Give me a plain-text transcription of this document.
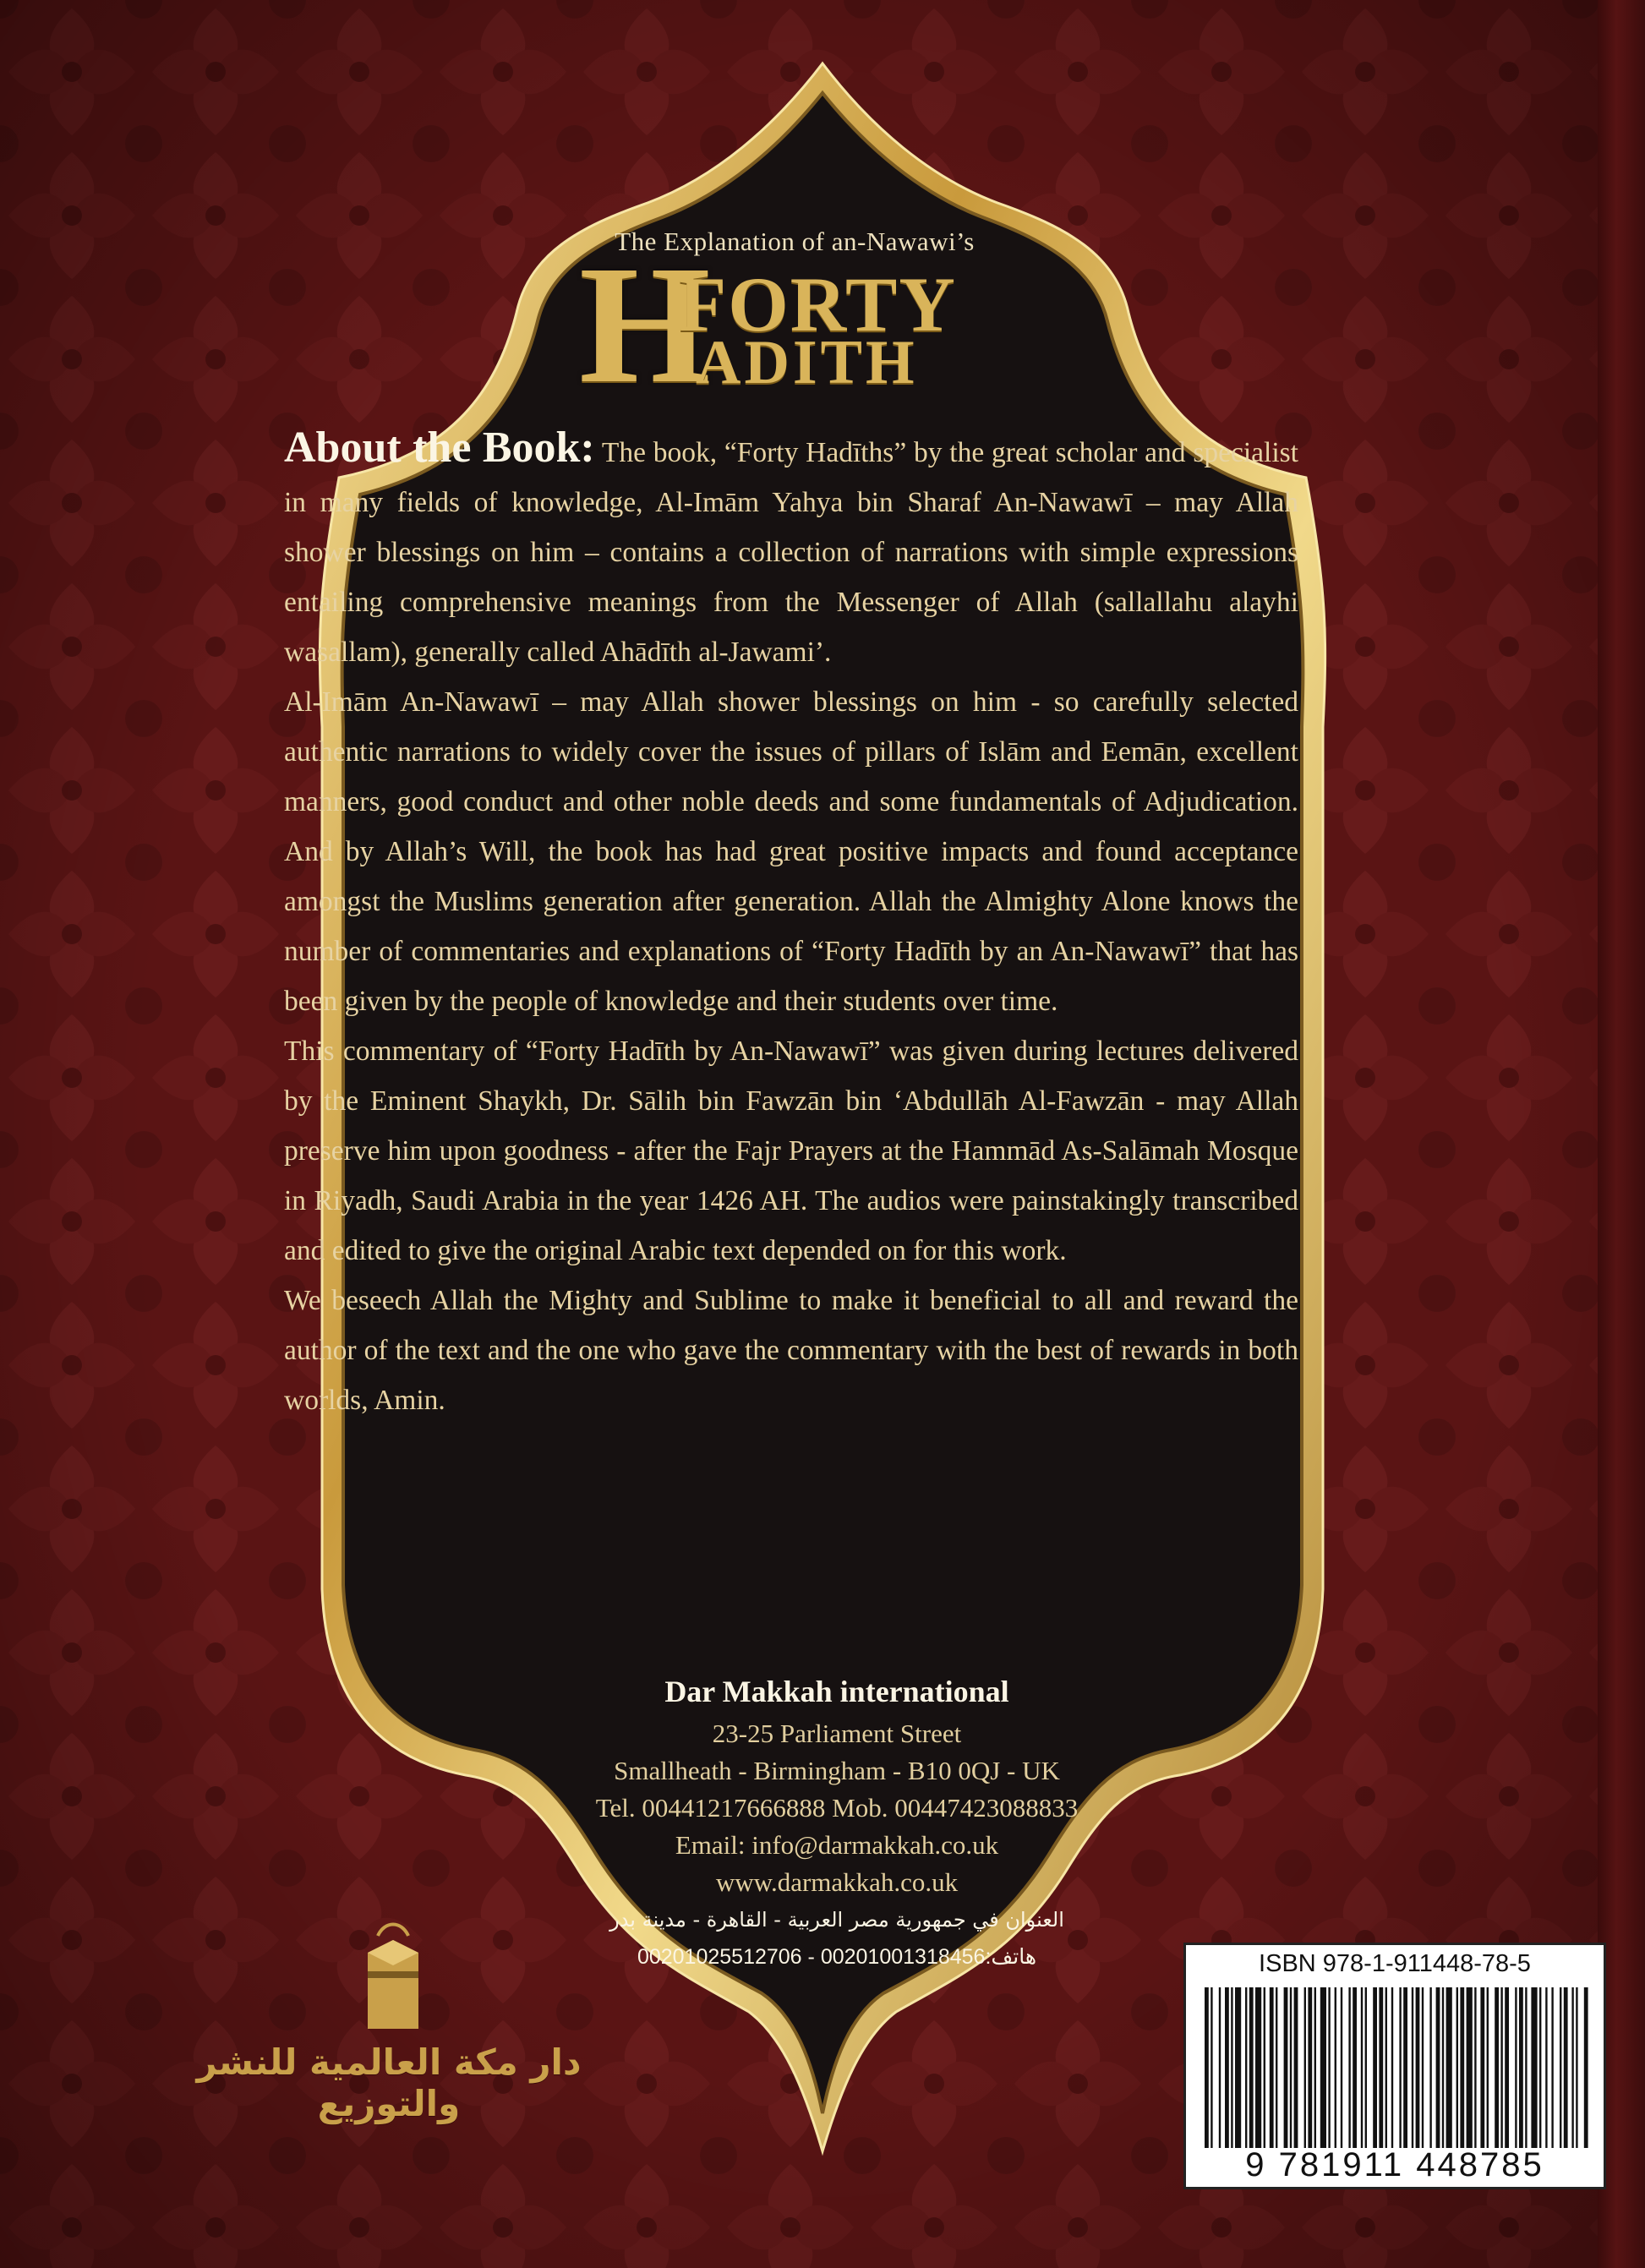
The Explanation of an-Nawawi’s
H
FORTY
ADITH

About the Book: The book, “Forty Hadīths” by the great scholar and specialist in many fields of knowledge, Al-Imām Yahya bin Sharaf An-Nawawī – may Allah shower blessings on him – contains a collection of narrations with simple expressions entailing comprehensive meanings from the Messenger of Allah (sallallahu alayhi wasallam), generally called Ahādīth al-Jawami’.

Al-Imām An-Nawawī – may Allah shower blessings on him - so carefully selected authentic narrations to widely cover the issues of pillars of Islām and Eemān, excellent manners, good conduct and other noble deeds and some fundamentals of Adjudication. And by Allah’s Will, the book has had great positive impacts and found acceptance amongst the Muslims generation after generation. Allah the Almighty Alone knows the number of commentaries and explanations of “Forty Hadīth by an An-Nawawī” that has been given by the people of knowledge and their students over time.

This commentary of “Forty Hadīth by An-Nawawī” was given during lectures delivered by the Eminent Shaykh, Dr. Sālih bin Fawzān bin ‘Abdullāh Al-Fawzān - may Allah preserve him upon goodness - after the Fajr Prayers at the Hammād As-Salāmah Mosque in Riyadh, Saudi Arabia in the year 1426 AH. The audios were painstakingly transcribed and edited to give the original Arabic text depended on for this work.

We beseech Allah the Mighty and Sublime to make it beneficial to all and reward the author of the text and the one who gave the commentary with the best of rewards in both worlds, Amin.

Dar Makkah international
23-25 Parliament Street
Smallheath - Birmingham - B10 0QJ - UK
Tel. 00441217666888 Mob. 00447423088833
Email: info@darmakkah.co.uk
www.darmakkah.co.uk
العنوان في جمهورية مصر العربية - القاهرة - مدينة بدر
هاتف:00201001318456 - 00201025512706
دار مكة العالمية للنشر والتوزيع
ISBN 978-1-911448-78-5
9 781911 448785
